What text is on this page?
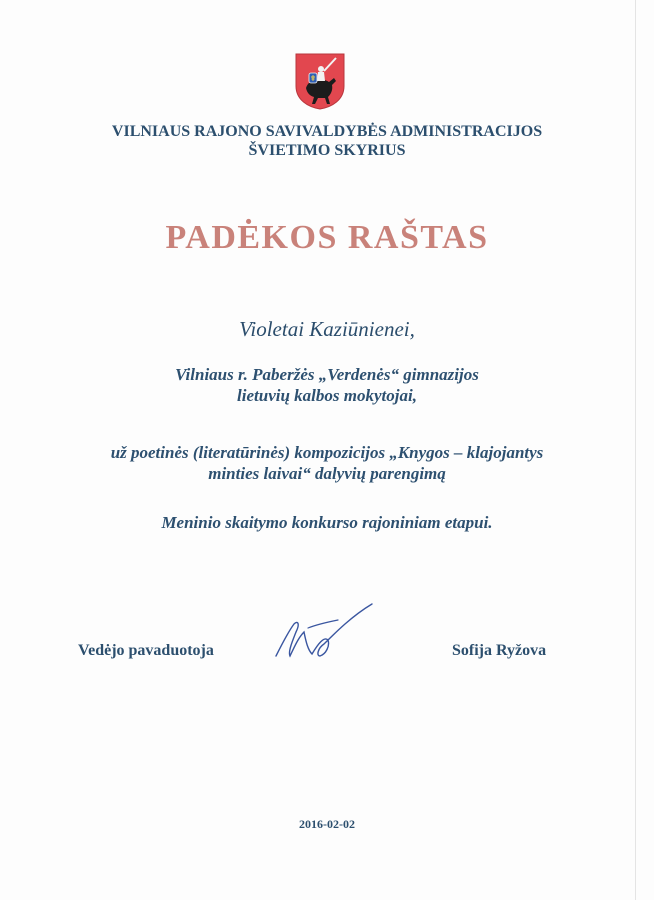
VILNIAUS RAJONO SAVIVALDYBĖS ADMINISTRACIJOS
ŠVIETIMO SKYRIUS
PADĖKOS RAŠTAS
Violetai Kaziūnienei,
Vilniaus r. Paberžės „Verdenės“ gimnazijos
lietuvių kalbos mokytojai,
už poetinės (literatūrinės) kompozicijos „Knygos – klajojantys
minties laivai“ dalyvių parengimą
Meninio skaitymo konkurso rajoniniam etapui.
Vedėjo pavaduotoja	Sofija Ryžova
2016-02-02
